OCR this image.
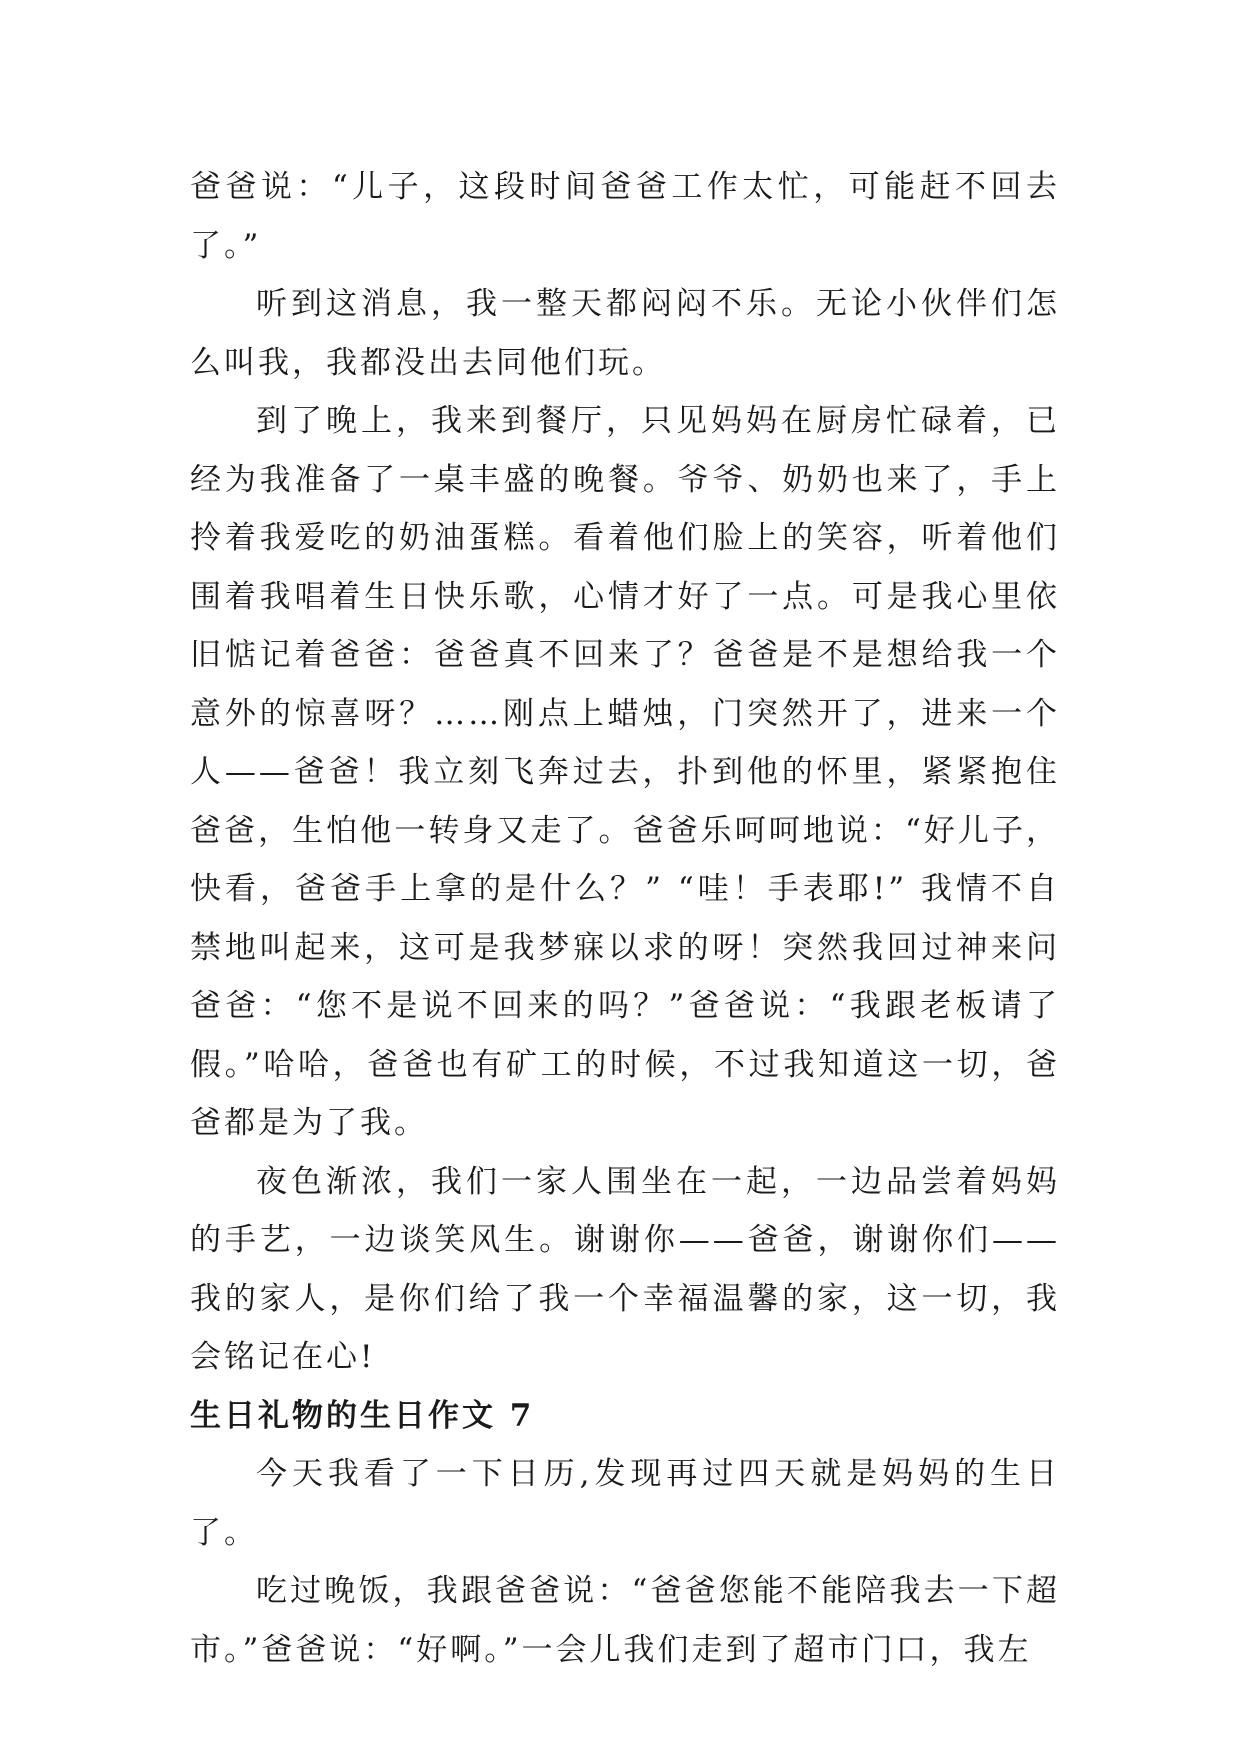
爸爸说：“儿子，这段时间爸爸工作太忙，可能赶不回去了。”

听到这消息，我一整天都闷闷不乐。无论小伙伴们怎么叫我，我都没出去同他们玩。

到了晚上，我来到餐厅，只见妈妈在厨房忙碌着，已经为我准备了一桌丰盛的晚餐。爷爷、奶奶也来了，手上拎着我爱吃的奶油蛋糕。看着他们脸上的笑容，听着他们围着我唱着生日快乐歌，心情才好了一点。可是我心里依旧惦记着爸爸：爸爸真不回来了？爸爸是不是想给我一个意外的惊喜呀？……刚点上蜡烛，门突然开了，进来一个人——爸爸！我立刻飞奔过去，扑到他的怀里，紧紧抱住爸爸，生怕他一转身又走了。爸爸乐呵呵地说：“好儿子，快看，爸爸手上拿的是什么？” “哇！手表耶!” 我情不自禁地叫起来，这可是我梦寐以求的呀！突然我回过神来问爸爸：“您不是说不回来的吗？”爸爸说：“我跟老板请了假。”哈哈，爸爸也有矿工的时候，不过我知道这一切，爸爸都是为了我。

夜色渐浓，我们一家人围坐在一起，一边品尝着妈妈的手艺，一边谈笑风生。谢谢你——爸爸，谢谢你们——我的家人，是你们给了我一个幸福温馨的家，这一切，我会铭记在心!

生日礼物的生日作文 7

今天我看了一下日历,发现再过四天就是妈妈的生日了。

吃过晚饭，我跟爸爸说：“爸爸您能不能陪我去一下超市。”爸爸说：“好啊。”一会儿我们走到了超市门口，我左
